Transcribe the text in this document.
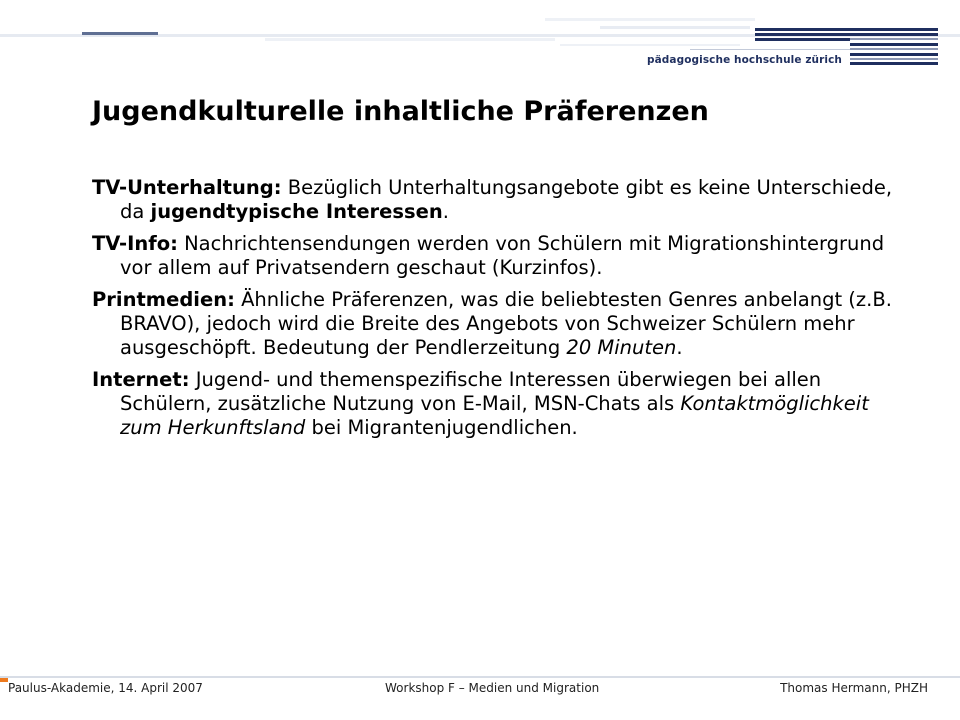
pädagogische hochschule zürich
Jugendkulturelle inhaltliche Präferenzen
TV-Unterhaltung: Bezüglich Unterhaltungsangebote gibt es keine Unterschiede, da jugendtypische Interessen.
TV-Info: Nachrichtensendungen werden von Schülern mit Migrationshintergrund vor allem auf Privatsendern geschaut (Kurzinfos).
Printmedien: Ähnliche Präferenzen, was die beliebtesten Genres anbelangt (z.B. BRAVO), jedoch wird die Breite des Angebots von Schweizer Schülern mehr ausgeschöpft. Bedeutung der Pendlerzeitung 20 Minuten.
Internet: Jugend- und themenspezifische Interessen überwiegen bei allen Schülern, zusätzliche Nutzung von E-Mail, MSN-Chats als Kontaktmöglichkeit zum Herkunftsland bei Migrantenjugendlichen.
Paulus-Akademie, 14. April 2007	Workshop F – Medien und Migration	Thomas Hermann, PHZH
